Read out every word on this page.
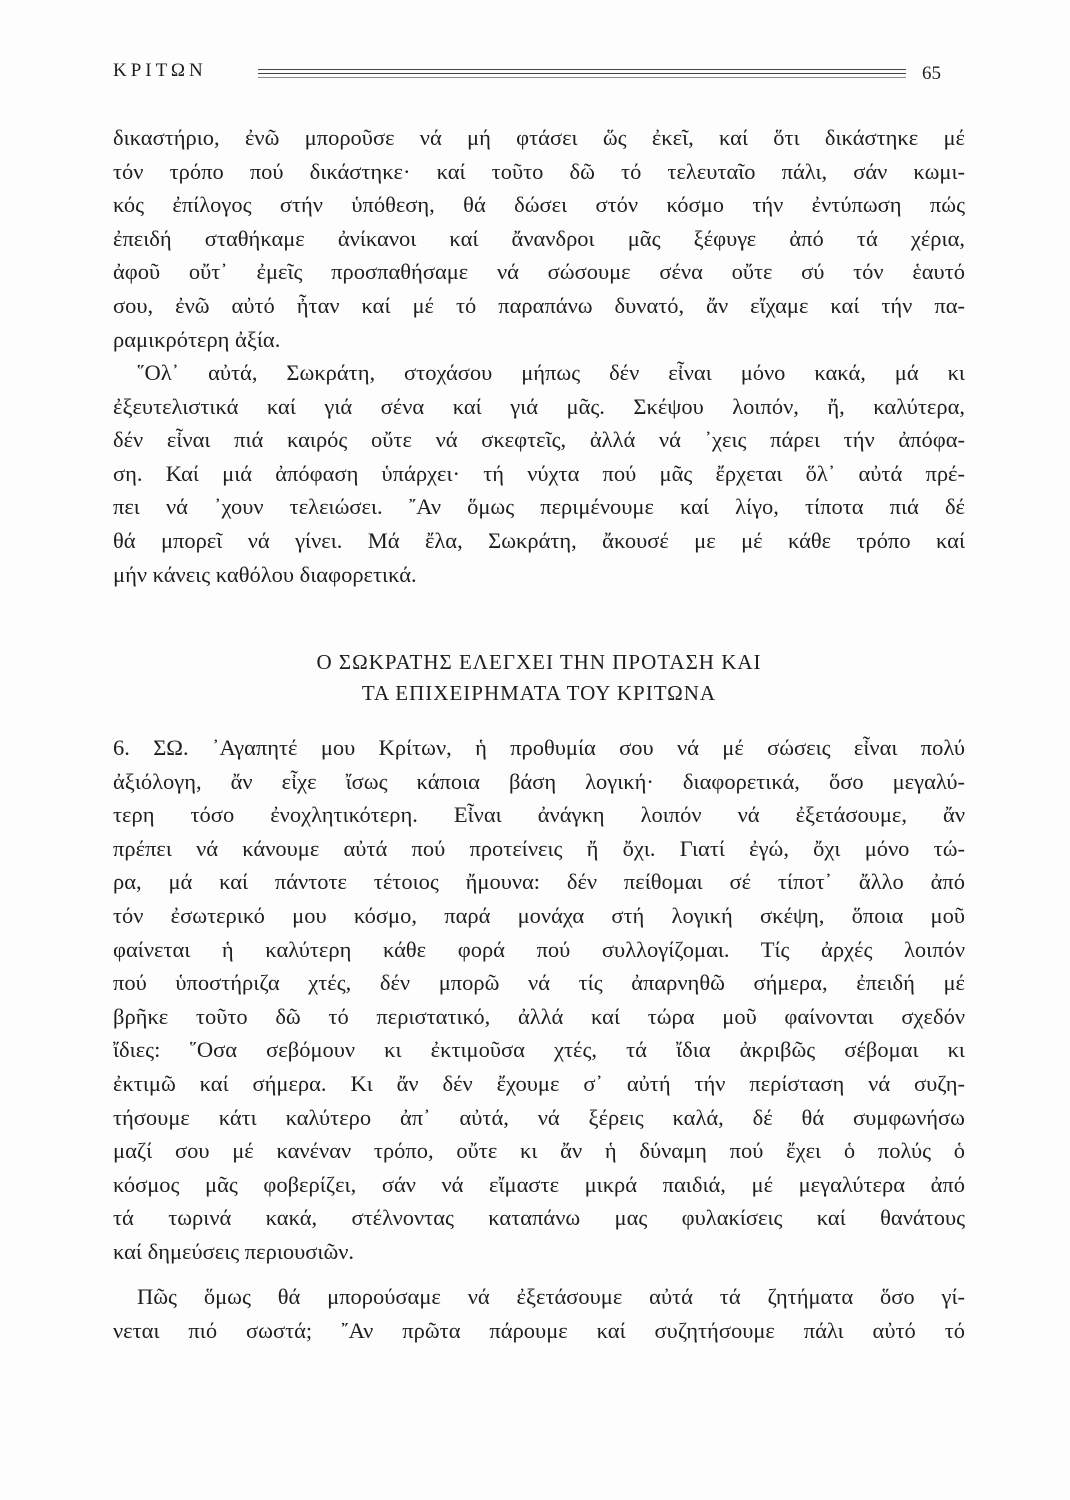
ΚΡΙΤΩΝ	65
δικαστήριο, ἐνῶ μποροῦσε νά μή φτάσει ὥς ἐκεῖ, καί ὅτι δικάστηκε μέ
τόν τρόπο πού δικάστηκε· καί τοῦτο δῶ τό τελευταῖο πάλι, σάν κωμι-
κός ἐπίλογος στήν ὑπόθεση, θά δώσει στόν κόσμο τήν ἐντύπωση πώς
ἐπειδή σταθήκαμε ἀνίκανοι καί ἄνανδροι μᾶς ξέφυγε ἀπό τά χέρια,
ἀφοῦ οὔτ᾽ ἐμεῖς προσπαθήσαμε νά σώσουμε σένα οὔτε σύ τόν ἑαυτό
σου, ἐνῶ αὐτό ἦταν καί μέ τό παραπάνω δυνατό, ἄν εἴχαμε καί τήν πα-
ραμικρότερη ἀξία.
῞Ολ᾽ αὐτά, Σωκράτη, στοχάσου μήπως δέν εἶναι μόνο κακά, μά κι
ἐξευτελιστικά καί γιά σένα καί γιά μᾶς. Σκέψου λοιπόν, ἤ, καλύτερα,
δέν εἶναι πιά καιρός οὔτε νά σκεφτεῖς, ἀλλά νά ᾽χεις πάρει τήν ἀπόφα-
ση. Καί μιά ἀπόφαση ὑπάρχει· τή νύχτα πού μᾶς ἔρχεται ὅλ᾽ αὐτά πρέ-
πει νά ᾽χουν τελειώσει. ῎Αν ὅμως περιμένουμε καί λίγο, τίποτα πιά δέ
θά μπορεῖ νά γίνει. Μά ἔλα, Σωκράτη, ἄκουσέ με μέ κάθε τρόπο καί
μήν κάνεις καθόλου διαφορετικά.
Ο ΣΩΚΡΑΤΗΣ ΕΛΕΓΧΕΙ ΤΗΝ ΠΡΟΤΑΣΗ ΚΑΙ
ΤΑ ΕΠΙΧΕΙΡΗΜΑΤΑ ΤΟΥ ΚΡΙΤΩΝΑ
6. ΣΩ. ᾽Αγαπητέ μου Κρίτων, ἡ προθυμία σου νά μέ σώσεις εἶναι πολύ
ἀξιόλογη, ἄν εἶχε ἴσως κάποια βάση λογική· διαφορετικά, ὅσο μεγαλύ-
τερη τόσο ἐνοχλητικότερη. Εἶναι ἀνάγκη λοιπόν νά ἐξετάσουμε, ἄν
πρέπει νά κάνουμε αὐτά πού προτείνεις ἤ ὄχι. Γιατί ἐγώ, ὄχι μόνο τώ-
ρα, μά καί πάντοτε τέτοιος ἤμουνα: δέν πείθομαι σέ τίποτ᾽ ἄλλο ἀπό
τόν ἐσωτερικό μου κόσμο, παρά μονάχα στή λογική σκέψη, ὅποια μοῦ
φαίνεται ἡ καλύτερη κάθε φορά πού συλλογίζομαι. Τίς ἀρχές λοιπόν
πού ὑποστήριζα χτές, δέν μπορῶ νά τίς ἀπαρνηθῶ σήμερα, ἐπειδή μέ
βρῆκε τοῦτο δῶ τό περιστατικό, ἀλλά καί τώρα μοῦ φαίνονται σχεδόν
ἴδιες: ῞Οσα σεβόμουν κι ἐκτιμοῦσα χτές, τά ἴδια ἀκριβῶς σέβομαι κι
ἐκτιμῶ καί σήμερα. Κι ἄν δέν ἔχουμε σ᾽ αὐτή τήν περίσταση νά συζη-
τήσουμε κάτι καλύτερο ἀπ᾽ αὐτά, νά ξέρεις καλά, δέ θά συμφωνήσω
μαζί σου μέ κανέναν τρόπο, οὔτε κι ἄν ἡ δύναμη πού ἔχει ὁ πολύς ὁ
κόσμος μᾶς φοβερίζει, σάν νά εἴμαστε μικρά παιδιά, μέ μεγαλύτερα ἀπό
τά τωρινά κακά, στέλνοντας καταπάνω μας φυλακίσεις καί θανάτους
καί δημεύσεις περιουσιῶν.
Πῶς ὅμως θά μπορούσαμε νά ἐξετάσουμε αὐτά τά ζητήματα ὅσο γί-
νεται πιό σωστά; ῎Αν πρῶτα πάρουμε καί συζητήσουμε πάλι αὐτό τό
